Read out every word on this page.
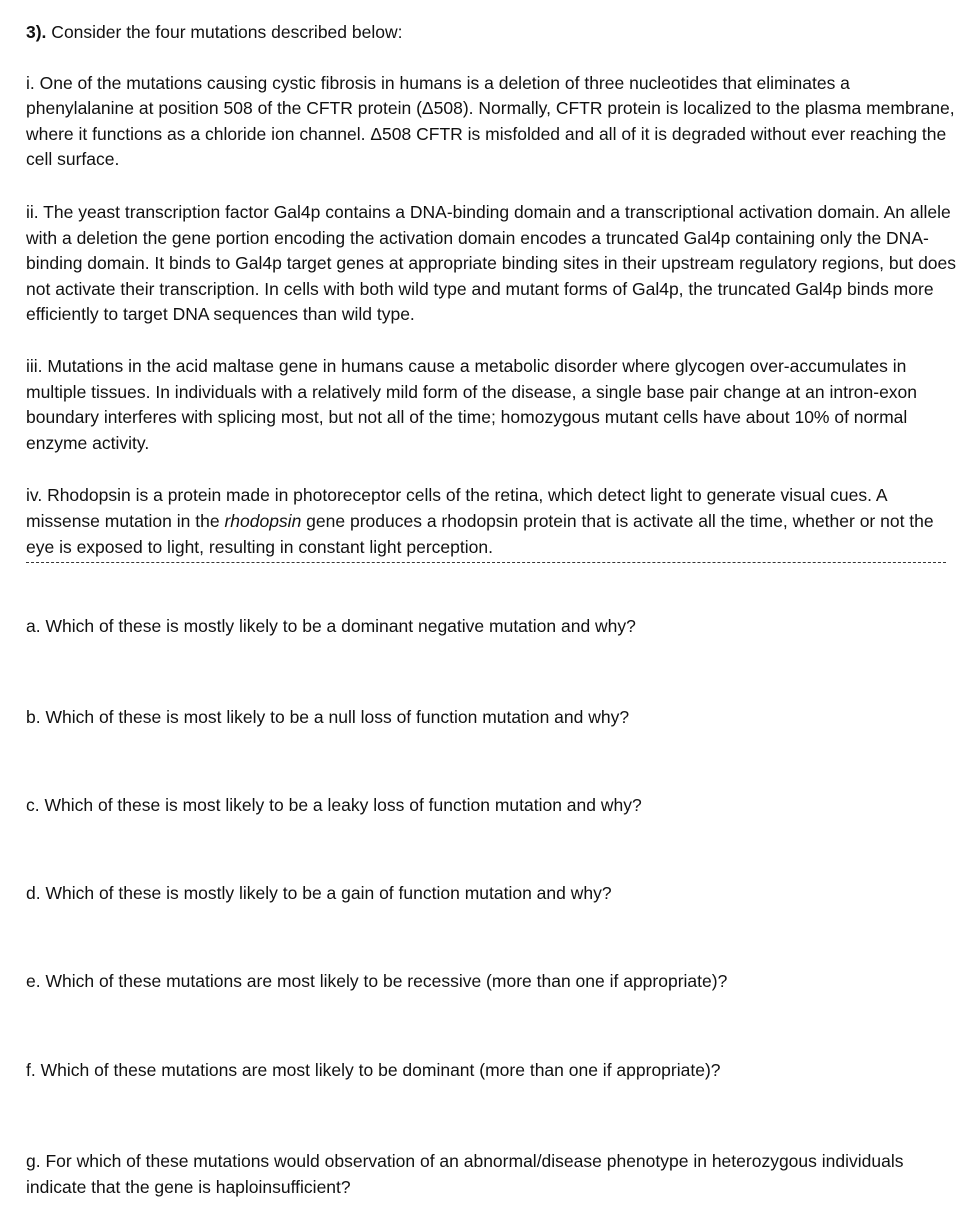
3). Consider the four mutations described below:

i. One of the mutations causing cystic fibrosis in humans is a deletion of three nucleotides that eliminates a phenylalanine at position 508 of the CFTR protein (Δ508). Normally, CFTR protein is localized to the plasma membrane, where it functions as a chloride ion channel. Δ508 CFTR is misfolded and all of it is degraded without ever reaching the cell surface.

ii. The yeast transcription factor Gal4p contains a DNA-binding domain and a transcriptional activation domain. An allele with a deletion the gene portion encoding the activation domain encodes a truncated Gal4p containing only the DNA-binding domain. It binds to Gal4p target genes at appropriate binding sites in their upstream regulatory regions, but does not activate their transcription. In cells with both wild type and mutant forms of Gal4p, the truncated Gal4p binds more efficiently to target DNA sequences than wild type.

iii. Mutations in the acid maltase gene in humans cause a metabolic disorder where glycogen over-accumulates in multiple tissues. In individuals with a relatively mild form of the disease, a single base pair change at an intron-exon boundary interferes with splicing most, but not all of the time; homozygous mutant cells have about 10% of normal enzyme activity.

iv. Rhodopsin is a protein made in photoreceptor cells of the retina, which detect light to generate visual cues. A missense mutation in the rhodopsin gene produces a rhodopsin protein that is activate all the time, whether or not the eye is exposed to light, resulting in constant light perception.

a. Which of these is mostly likely to be a dominant negative mutation and why?
b. Which of these is most likely to be a null loss of function mutation and why?
c. Which of these is most likely to be a leaky loss of function mutation and why?
d. Which of these is mostly likely to be a gain of function mutation and why?
e. Which of these mutations are most likely to be recessive (more than one if appropriate)?
f. Which of these mutations are most likely to be dominant (more than one if appropriate)?
g. For which of these mutations would observation of an abnormal/disease phenotype in heterozygous individuals indicate that the gene is haploinsufficient?
